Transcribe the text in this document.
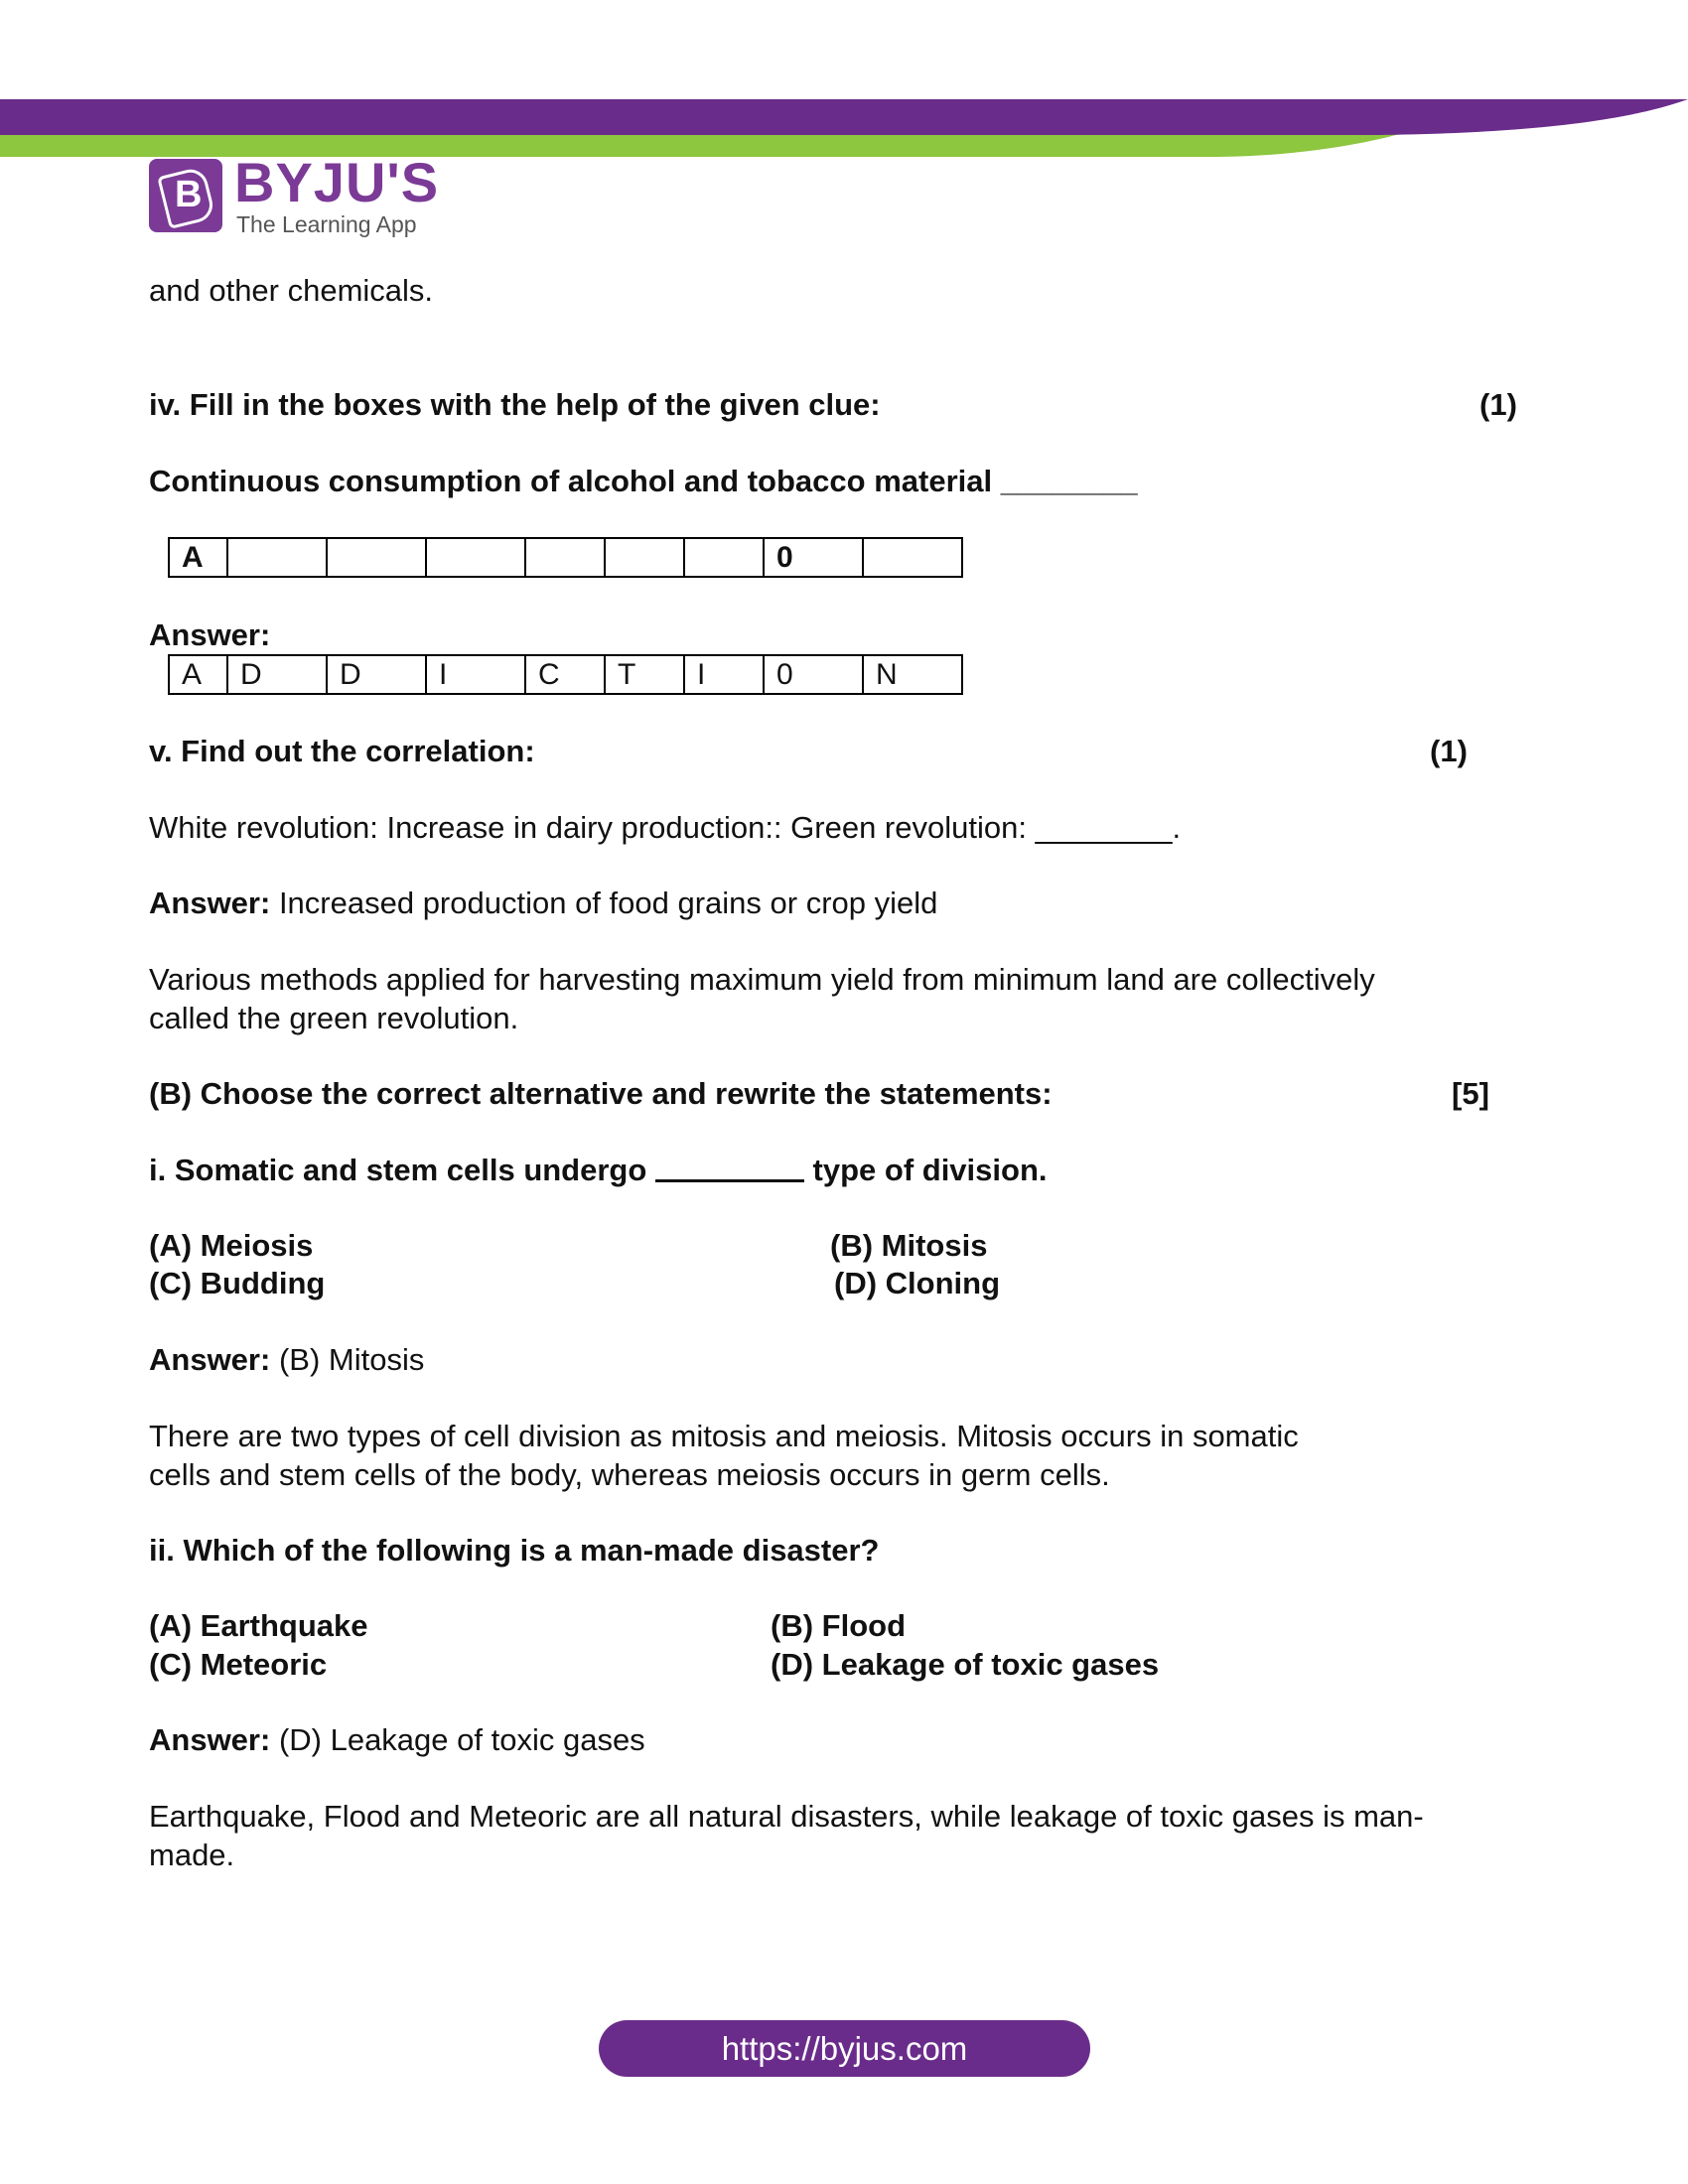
B BYJU'S
The Learning App
and other chemicals.
iv. Fill in the boxes with the help of the given clue:	(1)
Continuous consumption of alcohol and tobacco material ________
A							0	
Answer:
A	D	D	I	C	T	I	0	N
v. Find out the correlation:	(1)
White revolution: Increase in dairy production:: Green revolution: ________.
Answer: Increased production of food grains or crop yield
Various methods applied for harvesting maximum yield from minimum land are collectively
called the green revolution.
(B) Choose the correct alternative and rewrite the statements:	[5]
i. Somatic and stem cells undergo	type of division.
(A) Meiosis	(B) Mitosis
(C) Budding	(D) Cloning
Answer: (B) Mitosis
There are two types of cell division as mitosis and meiosis. Mitosis occurs in somatic
cells and stem cells of the body, whereas meiosis occurs in germ cells.
ii. Which of the following is a man-made disaster?
(A) Earthquake	(B) Flood
(C) Meteoric	(D) Leakage of toxic gases
Answer: (D) Leakage of toxic gases
Earthquake, Flood and Meteoric are all natural disasters, while leakage of toxic gases is man-
made.
https://byjus.com
